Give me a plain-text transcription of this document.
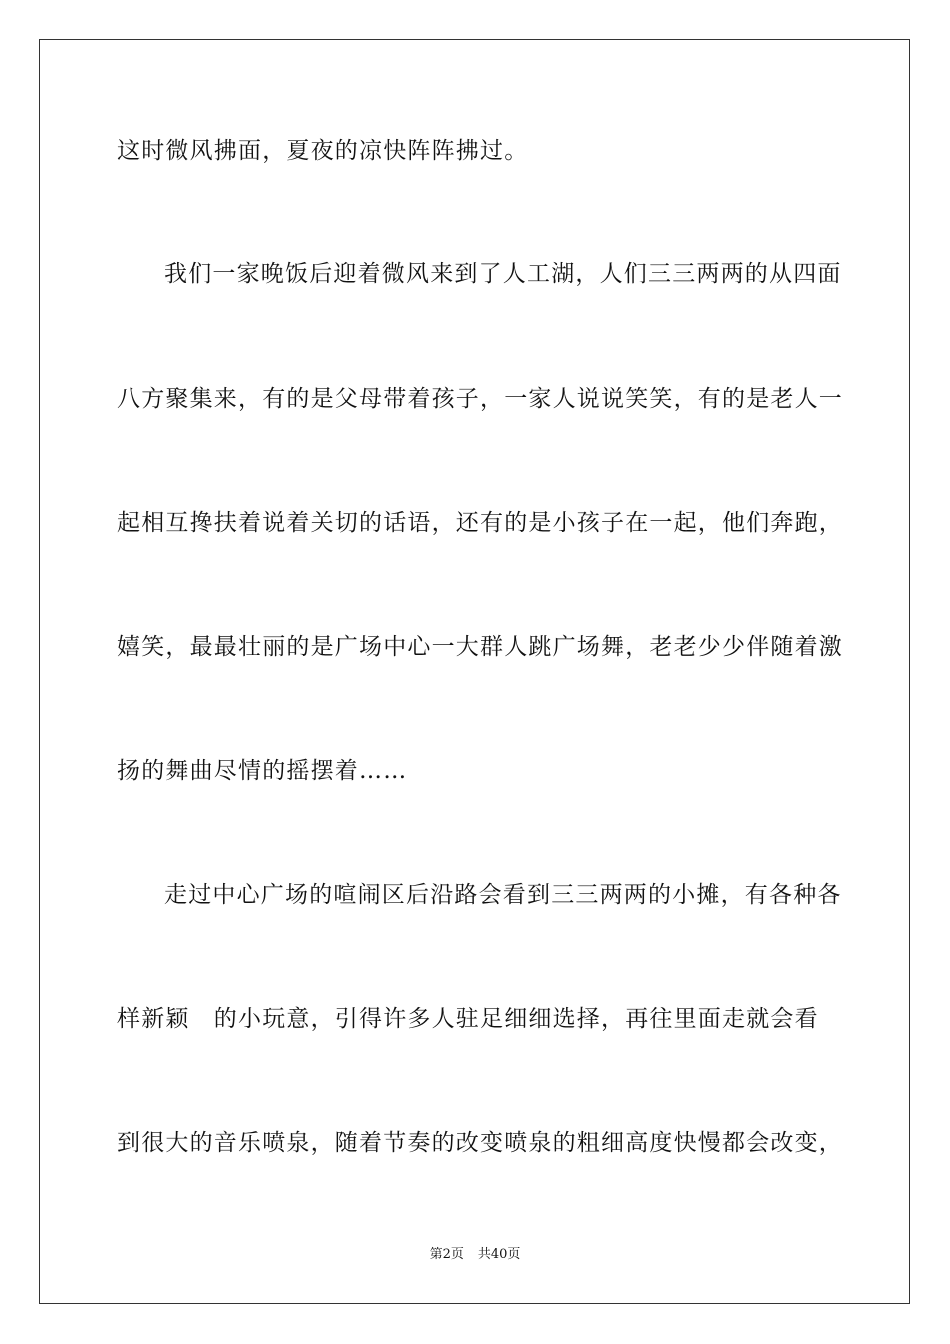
这时微风拂面，夏夜的凉快阵阵拂过。
我们一家晚饭后迎着微风来到了人工湖，人们三三两两的从四面
八方聚集来，有的是父母带着孩子，一家人说说笑笑，有的是老人一
起相互搀扶着说着关切的话语，还有的是小孩子在一起，他们奔跑，
嬉笑，最最壮丽的是广场中心一大群人跳广场舞，老老少少伴随着激
扬的舞曲尽情的摇摆着……
走过中心广场的喧闹区后沿路会看到三三两两的小摊，有各种各
样新颖　的小玩意，引得许多人驻足细细选择，再往里面走就会看
到很大的音乐喷泉，随着节奏的改变喷泉的粗细高度快慢都会改变，
第2页 共40页
